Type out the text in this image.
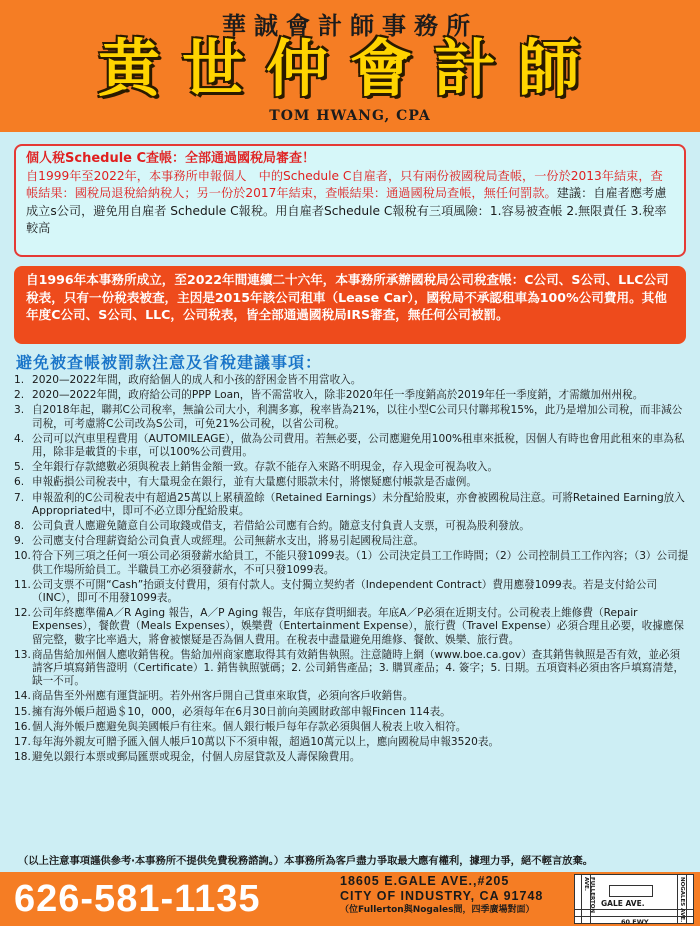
華誠會計師事務所
黄世仲會計師
TOM HWANG, CPA
個人稅Schedule C查帳：全部通過國稅局審查！
自1999年至2022年，本事務所申報個人　中的Schedule C自雇者，只有兩份被國稅局查帳，一份於2013年結束，查帳結果：國稅局退稅給納稅人；另一份於2017年結束，查帳結果：通過國稅局查帳，無任何罰款。建議：自雇者應考慮成立s公司，避免用自雇者 Schedule C報稅。用自雇者Schedule C報稅有三項風險：1.容易被查帳 2.無限責任 3.稅率較高
自1996年本事務所成立，至2022年間連續二十六年，本事務所承辦國稅局公司稅查帳：C公司、S公司、LLC公司稅表，只有一份稅表被查，主因是2015年該公司租車（Lease Car），國稅局不承認租車為100%公司費用。其他年度C公司、S公司、LLC，公司稅表，皆全部通過國稅局IRS審查，無任何公司被罰。
避免被查帳被罰款注意及省稅建議事項：
1. 2020—2022年間，政府給個人的成人和小孩的舒困金皆不用當收入。
2. 2020—2022年間，政府給公司的PPP Loan，皆不需當收入，除非2020年任一季度銷高於2019年任一季度銷，才需繳加州州稅。
3. 自2018年起，聯邦C公司稅率，無論公司大小，利潤多寡，稅率皆為21%，以往小型C公司只付聯邦稅15%，此乃是增加公司稅，而非減公司稅，可考慮將C公司改為S公司，可免21%公司稅，以省公司稅。
4. 公司可以汽車里程費用（AUTOMILEAGE），做為公司費用。若無必要，公司應避免用100%租車來抵稅，因個人有時也會用此租來的車為私用，除非是載貨的卡車，可以100%公司費用。
5. 全年銀行存款總數必須與稅表上銷售金額一致。存款不能存入來路不明現金，存入現金可視為收入。
6. 申報虧損公司稅表中，有大量現金在銀行，並有大量應付賬款未付，將懷疑應付帳款是否虛例。
7. 申報盈利的C公司稅表中有超過25萬以上累積盈餘（Retained Earnings）未分配給股東，亦會被國稅局注意。可將Retained Earning放入Appropriated中，即可不必立即分配給股東。
8. 公司負責人應避免隨意自公司取錢或借支，若借給公司應有合約。隨意支付負責人支票，可視為股利發放。
9. 公司應支付合理薪資給公司負責人或經理。公司無薪水支出，將易引起國稅局注意。
10. 符合下列三項之任何一項公司必須發薪水給員工，不能只發1099表。（1）公司決定員工工作時間；（2）公司控制員工工作內容；（3）公司提供工作場所給員工。半職員工亦必須發薪水，不可只發1099表。
11. 公司支票不可開“Cash”抬頭支付費用，須有付款人。支付獨立契約者（Independent Contract）費用應發1099表。若是支付給公司（INC），即可不用發1099表。
12. 公司年終應準備A／R Aging 報告，A／P Aging 報告，年底存貨明細表。年底A／P必須在近期支付。公司稅表上維修費（Repair Expenses），餐飲費（Meals Expenses），娛樂費（Entertainment Expense），旅行費（Travel Expense）必須合理且必要，收據應保留完整，數字比率過大，將會被懷疑是否為個人費用。在稅表中盡量避免用維修、餐飲、娛樂、旅行費。
13. 商品售給加州個人應收銷售稅。售給加州商家應取得其有效銷售執照。注意隨時上網（www.boe.ca.gov）查其銷售執照是否有效，並必須請客戶填寫銷售證明（Certificate）1. 銷售執照號碼；2. 公司銷售產品；3. 購買產品；4. 簽字；5. 日期。五項資料必須由客戶填寫清楚，缺一不可。
14. 商品售至外州應有運貨証明。若外州客戶開自己貨車來取貨，必須向客戶收銷售。
15. 擁有海外帳戶超過＄10，000，必須每年在6月30日前向美國財政部申報Fincen 114表。
16. 個人海外帳戶應避免與美國帳戶有往來。個人銀行帳戶每年存款必須與個人稅表上收入相符。
17. 每年海外親友可贈予匯入個人帳戶10萬以下不須申報，超過10萬元以上，應向國稅局申報3520表。
18. 避免以銀行本票或郵局匯票或現金，付個人房屋貸款及人壽保險費用。
（以上注意事項謹供參考‧本事務所不提供免費稅務諮詢。）本事務所為客戶盡力爭取最大應有權利，據理力爭，絕不輕言放棄。
626-581-1135	18605 E.GALE AVE.,#205
CITY OF INDUSTRY, CA 91748
（位Fullerton與Nogales間，四季廣場對面）	FULLERTON AVE.	NOGALES AVE.
GALE AVE.
60 FWY
